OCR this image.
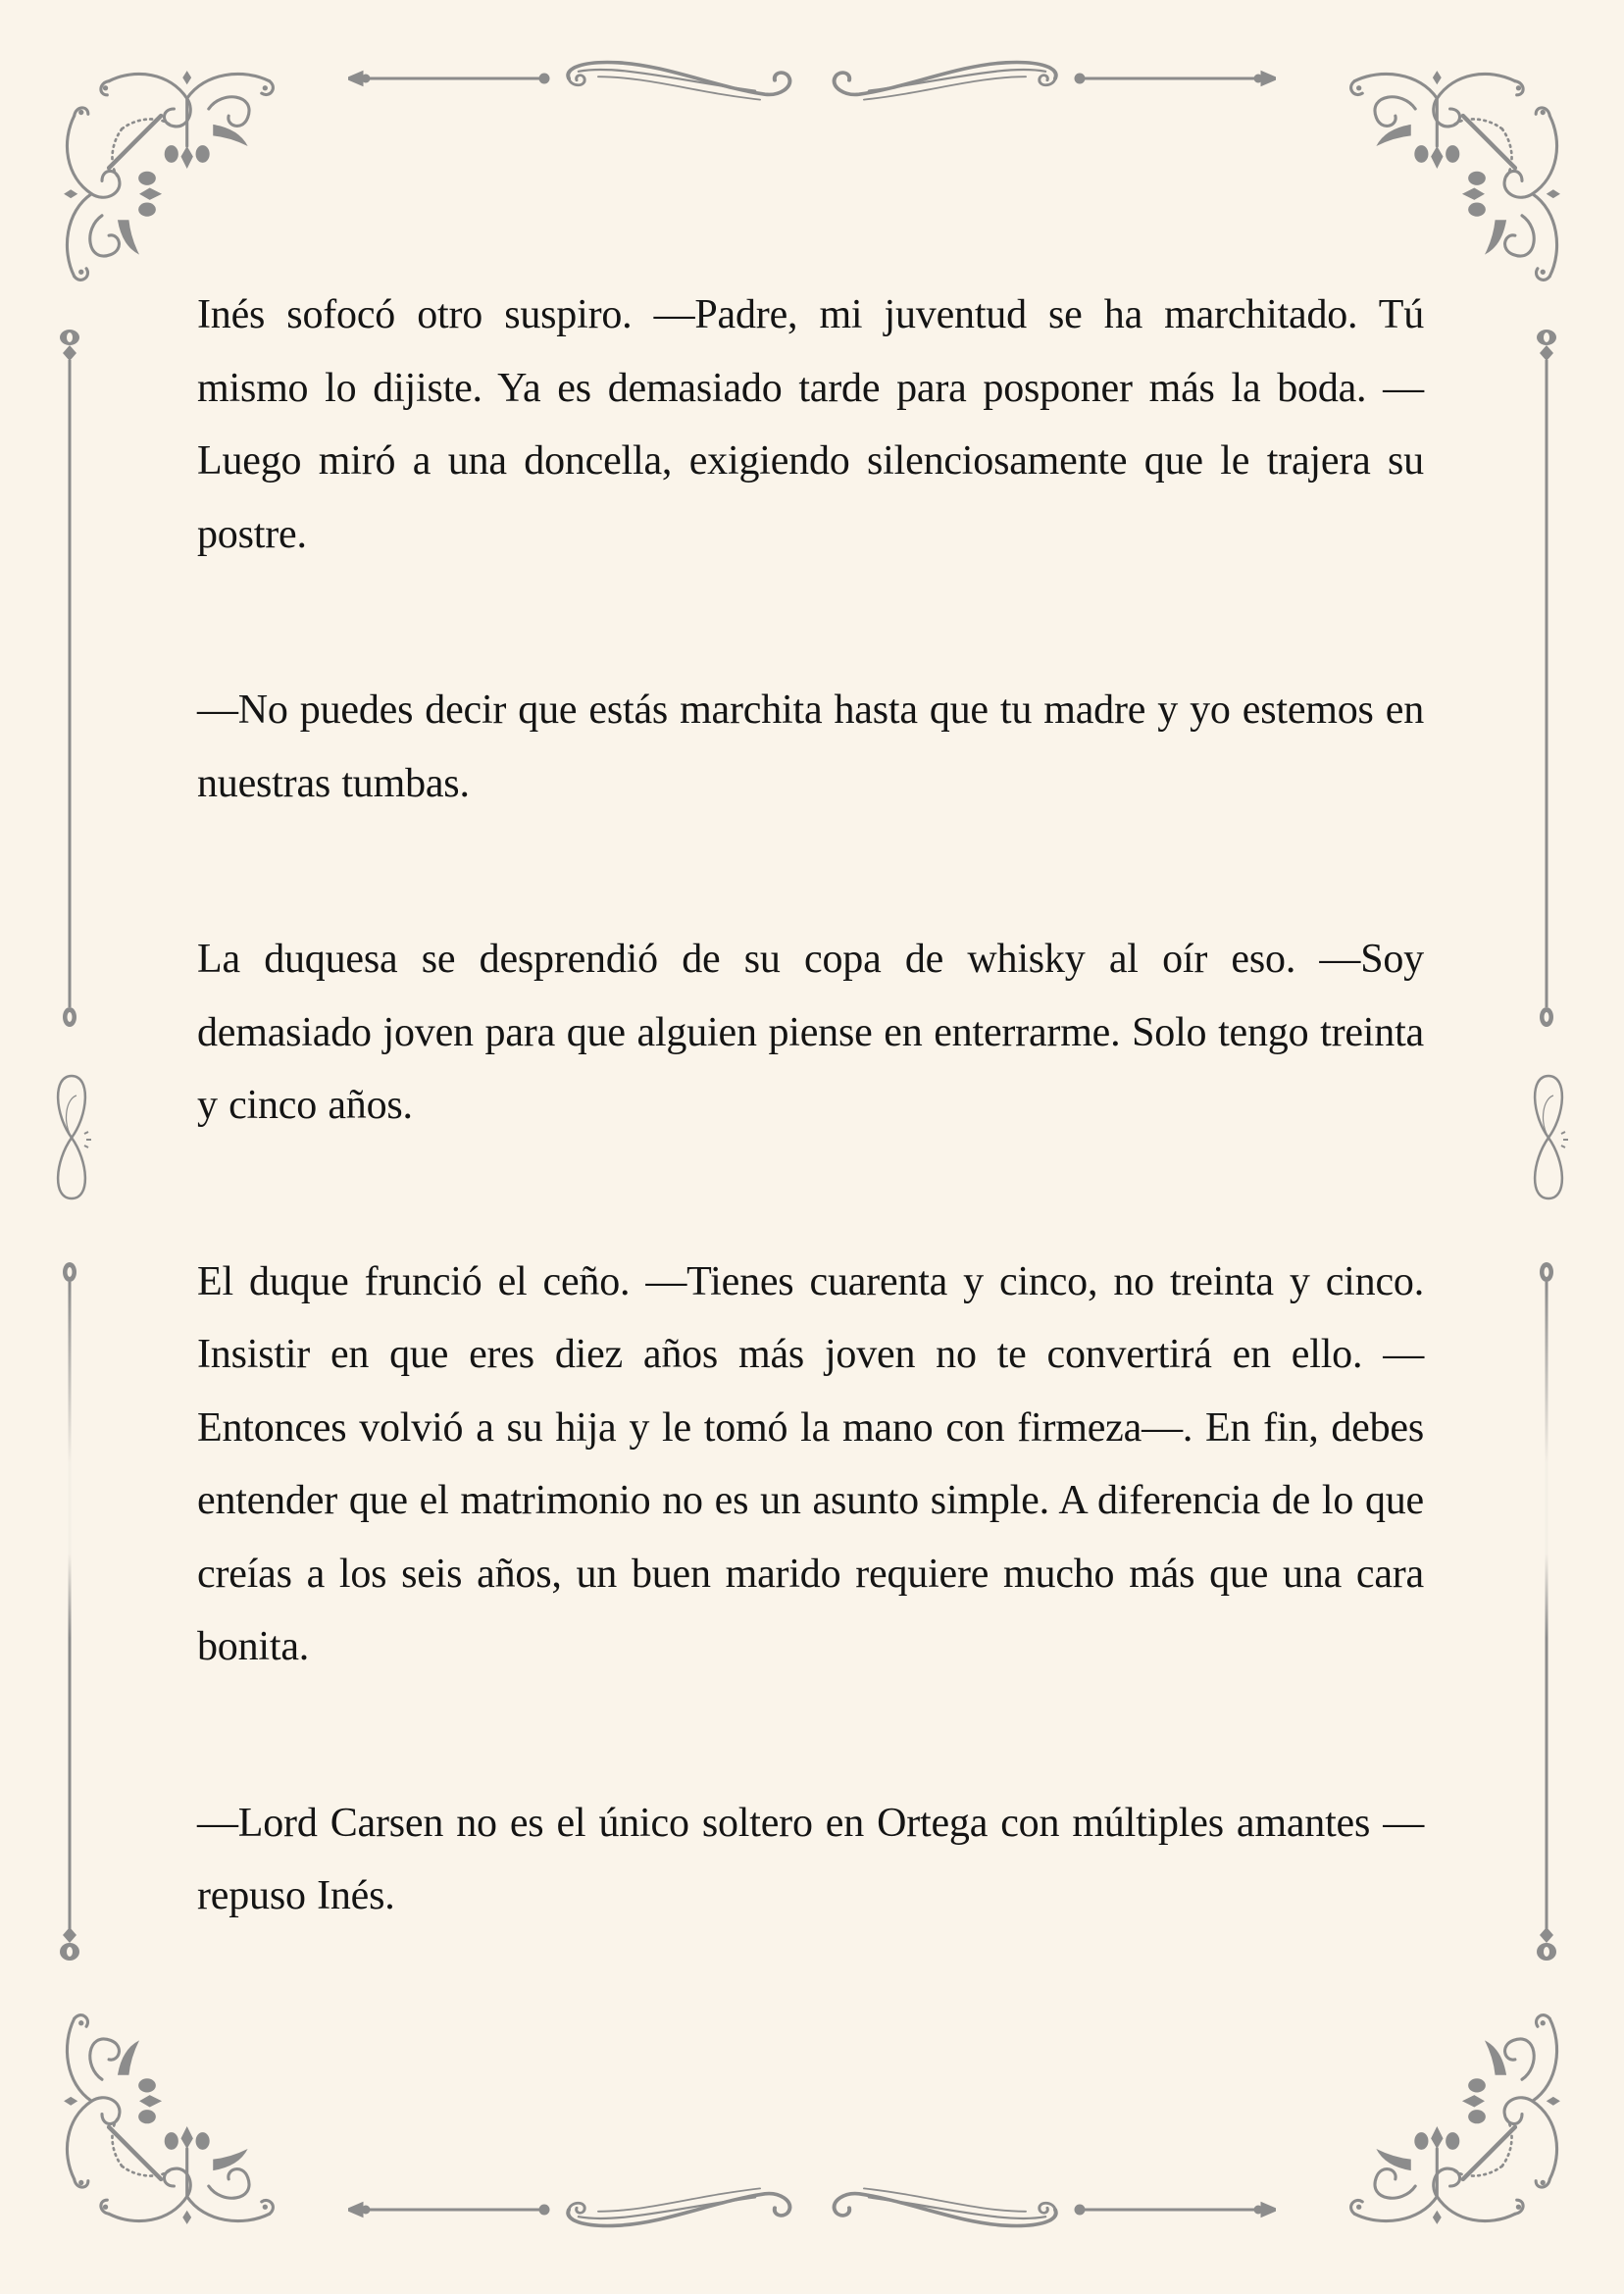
Inés sofocó otro suspiro. —Padre, mi juventud se ha marchitado. Tú mismo lo dijiste. Ya es demasiado tarde para posponer más la boda. —Luego miró a una doncella, exigiendo silenciosamente que le trajera su postre.

—No puedes decir que estás marchita hasta que tu madre y yo estemos en nuestras tumbas.

La duquesa se desprendió de su copa de whisky al oír eso. —Soy demasiado joven para que alguien piense en enterrarme. Solo tengo treinta y cinco años.

El duque frunció el ceño. —Tienes cuarenta y cinco, no treinta y cinco. Insistir en que eres diez años más joven no te convertirá en ello. —Entonces volvió a su hija y le tomó la mano con firmeza—. En fin, debes entender que el matrimonio no es un asunto simple. A diferencia de lo que creías a los seis años, un buen marido requiere mucho más que una cara bonita.

—Lord Carsen no es el único soltero en Ortega con múltiples amantes —repuso Inés.
